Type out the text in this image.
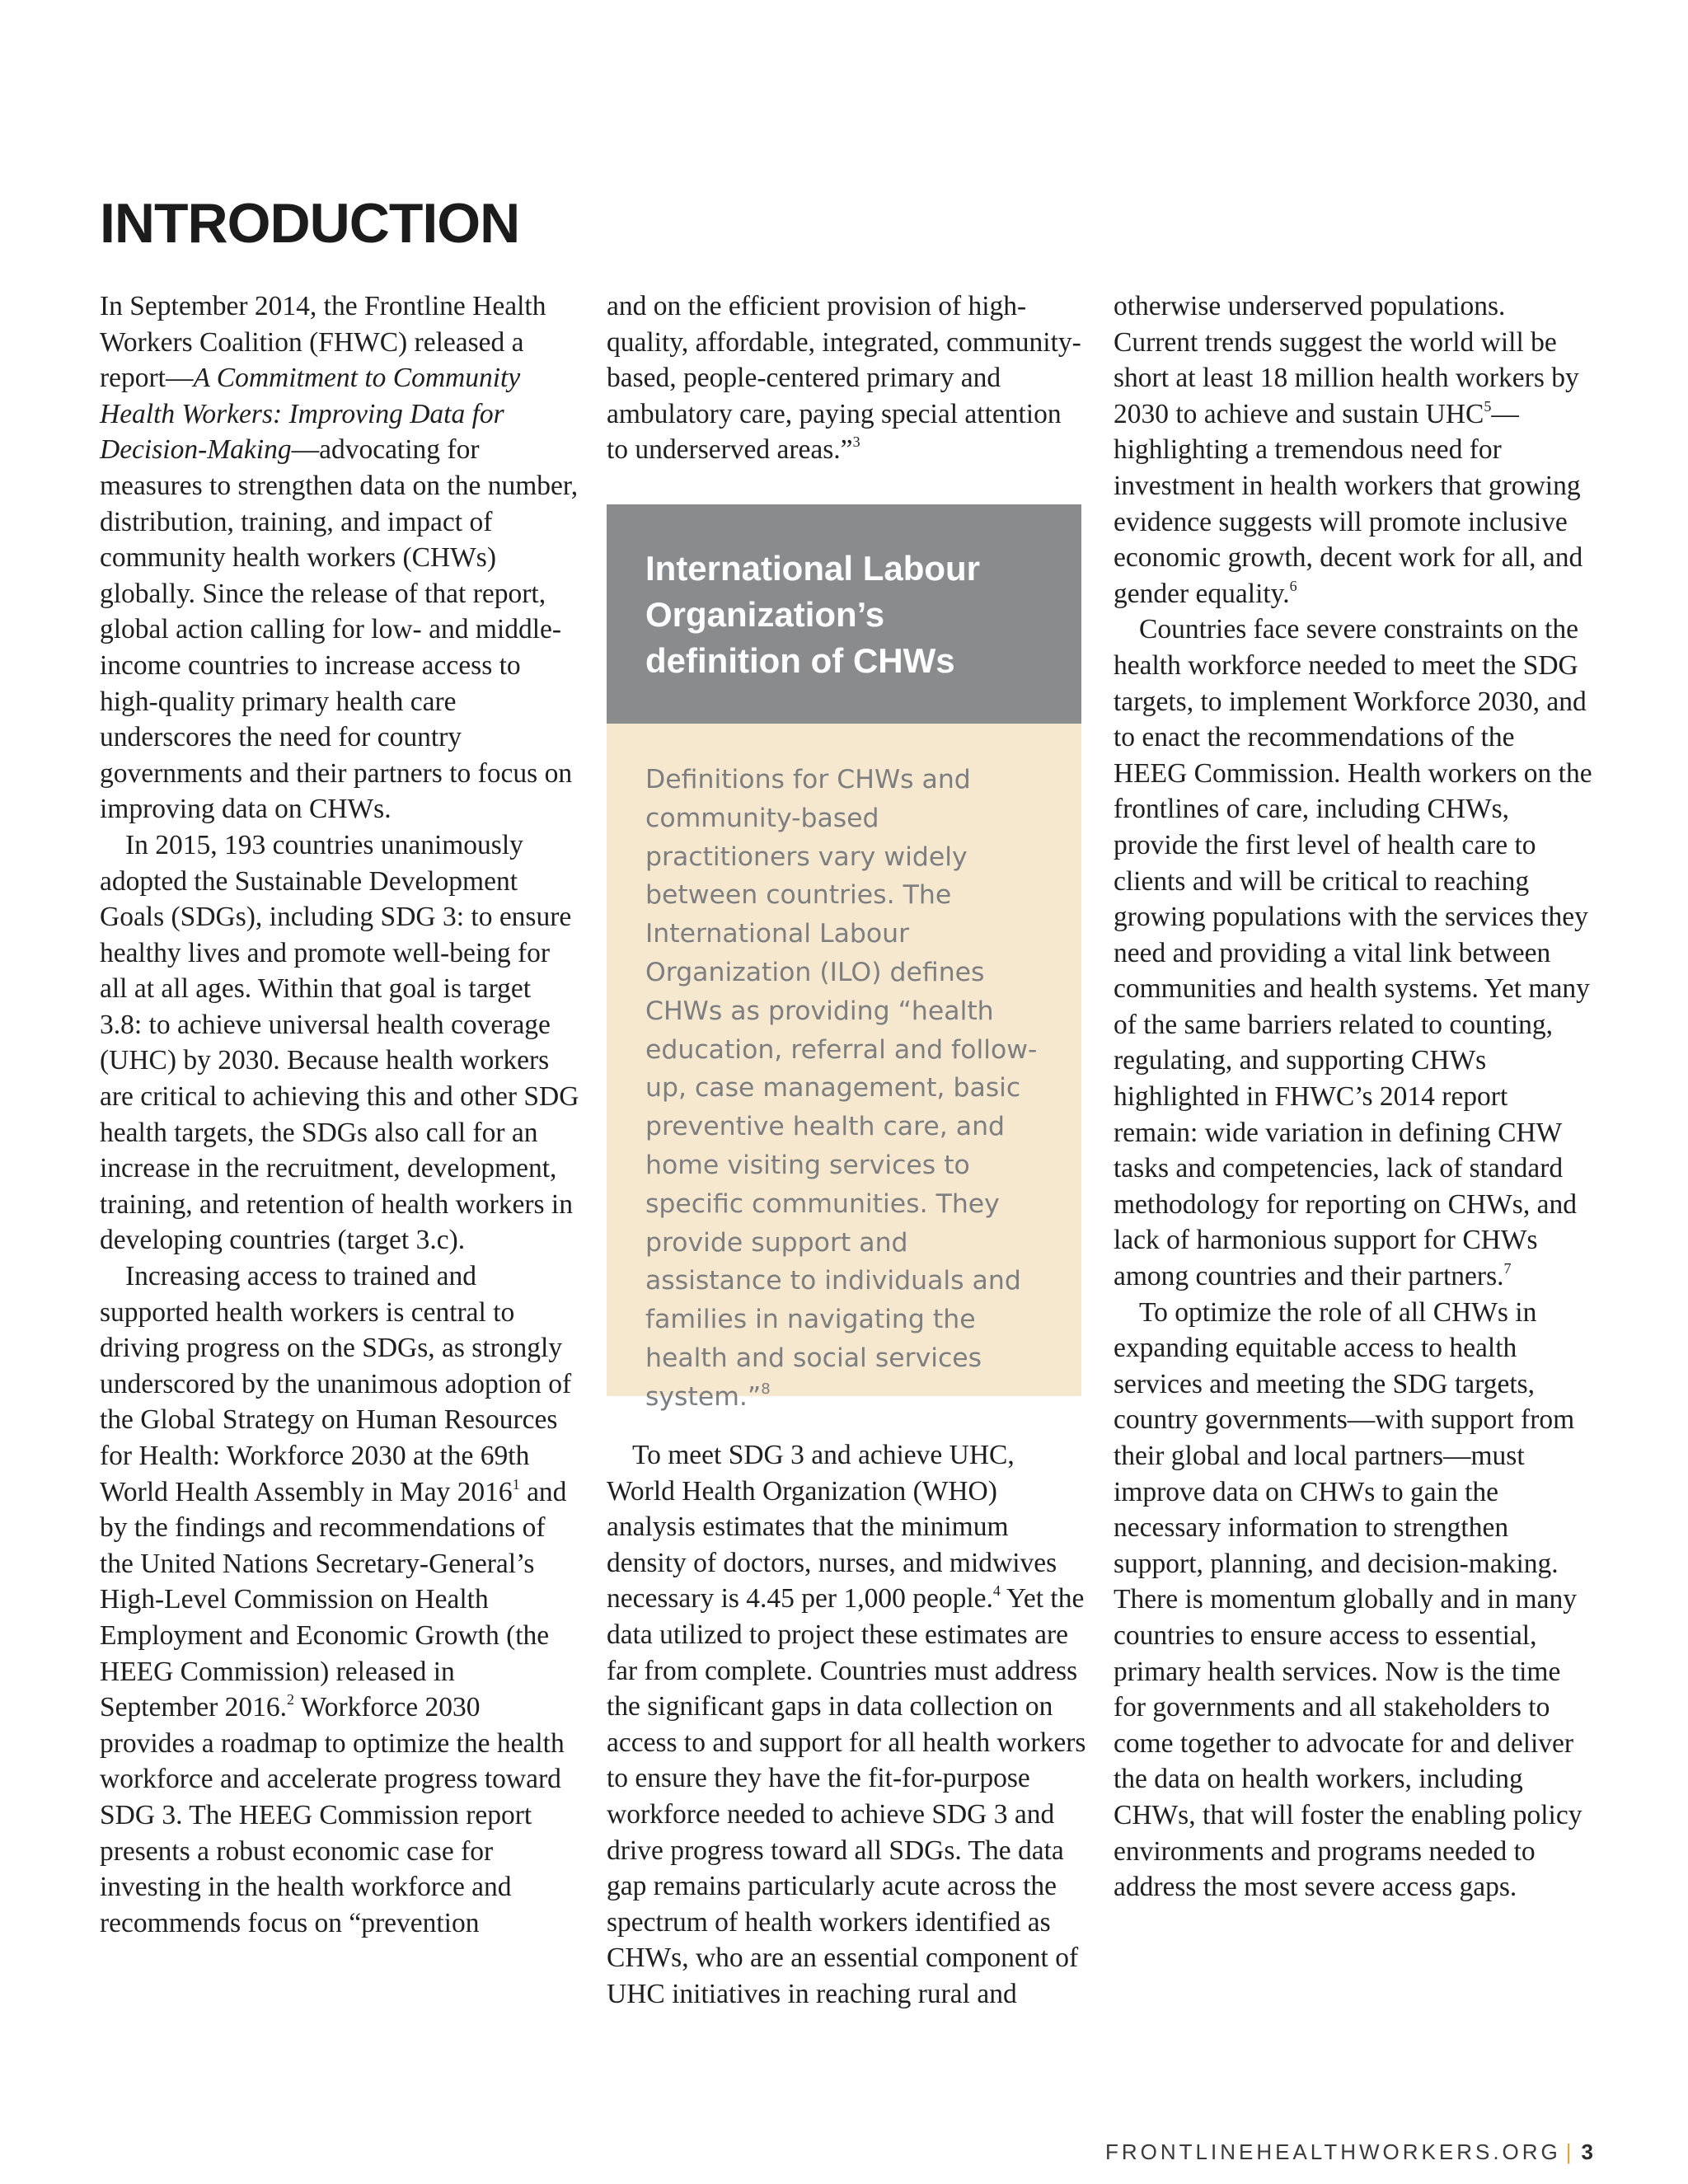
INTRODUCTION

In September 2014, the Frontline Health Workers Coalition (FHWC) released a report—A Commitment to Community Health Workers: Improving Data for Decision-Making—advocating for measures to strengthen data on the number, distribution, training, and impact of community health workers (CHWs) globally. Since the release of that report, global action calling for low- and middle-income countries to increase access to high-quality primary health care underscores the need for country governments and their partners to focus on improving data on CHWs.

In 2015, 193 countries unanimously adopted the Sustainable Development Goals (SDGs), including SDG 3: to ensure healthy lives and promote well-being for all at all ages. Within that goal is target 3.8: to achieve universal health coverage (UHC) by 2030. Because health workers are critical to achieving this and other SDG health targets, the SDGs also call for an increase in the recruitment, development, training, and retention of health workers in developing countries (target 3.c).

Increasing access to trained and supported health workers is central to driving progress on the SDGs, as strongly underscored by the unanimous adoption of the Global Strategy on Human Resources for Health: Workforce 2030 at the 69th World Health Assembly in May 2016$^1$ and by the findings and recommendations of the United Nations Secretary-General’s High-Level Commission on Health Employment and Economic Growth (the HEEG Commission) released in September 2016.$^2$ Workforce 2030 provides a roadmap to optimize the health workforce and accelerate progress toward SDG 3. The HEEG Commission report presents a robust economic case for investing in the health workforce and recommends focus on “prevention

and on the efficient provision of high-quality, affordable, integrated, community-based, people-centered primary and ambulatory care, paying special attention to underserved areas.”$^3$

International Labour Organization’s definition of CHWs
Definitions for CHWs and community-based practitioners vary widely between countries. The International Labour Organization (ILO) defines CHWs as providing “health education, referral and follow-up, case management, basic preventive health care, and home visiting services to specific communities. They provide support and assistance to individuals and families in navigating the health and social services system.”$^8$

To meet SDG 3 and achieve UHC, World Health Organization (WHO) analysis estimates that the minimum density of doctors, nurses, and midwives necessary is 4.45 per 1,000 people.$^4$ Yet the data utilized to project these estimates are far from complete. Countries must address the significant gaps in data collection on access to and support for all health workers to ensure they have the fit-for-purpose workforce needed to achieve SDG 3 and drive progress toward all SDGs. The data gap remains particularly acute across the spectrum of health workers identified as CHWs, who are an essential component of UHC initiatives in reaching rural and

otherwise underserved populations. Current trends suggest the world will be short at least 18 million health workers by 2030 to achieve and sustain UHC$^5$—highlighting a tremendous need for investment in health workers that growing evidence suggests will promote inclusive economic growth, decent work for all, and gender equality.$^6$

Countries face severe constraints on the health workforce needed to meet the SDG targets, to implement Workforce 2030, and to enact the recommendations of the HEEG Commission. Health workers on the frontlines of care, including CHWs, provide the first level of health care to clients and will be critical to reaching growing populations with the services they need and providing a vital link between communities and health systems. Yet many of the same barriers related to counting, regulating, and supporting CHWs highlighted in FHWC’s 2014 report remain: wide variation in defining CHW tasks and competencies, lack of standard methodology for reporting on CHWs, and lack of harmonious support for CHWs among countries and their partners.$^7$

To optimize the role of all CHWs in expanding equitable access to health services and meeting the SDG targets, country governments—with support from their global and local partners—must improve data on CHWs to gain the necessary information to strengthen support, planning, and decision-making. There is momentum globally and in many countries to ensure access to essential, primary health services. Now is the time for governments and all stakeholders to come together to advocate for and deliver the data on health workers, including CHWs, that will foster the enabling policy environments and programs needed to address the most severe access gaps.

FRONTLINEHEALTHWORKERS.ORG | 3
